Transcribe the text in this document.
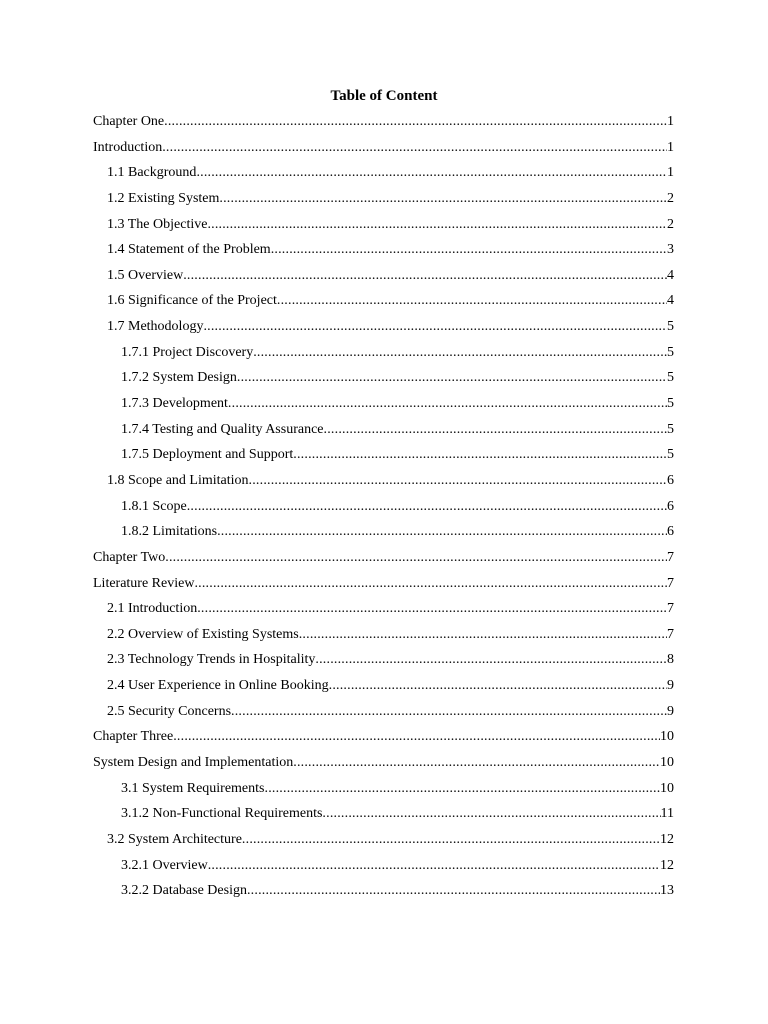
Table of Content
Chapter One .....	1
Introduction .....	1
1.1 Background .....	1
1.2 Existing System .....	2
1.3 The Objective .....	2
1.4 Statement of the Problem .....	3
1.5 Overview .....	4
1.6 Significance of the Project .....	4
1.7 Methodology .....	5
1.7.1 Project Discovery .....	5
1.7.2 System Design .....	5
1.7.3 Development .....	5
1.7.4 Testing and Quality Assurance .....	5
1.7.5 Deployment and Support .....	5
1.8 Scope and Limitation .....	6
1.8.1 Scope .....	6
1.8.2 Limitations .....	6
Chapter Two .....	7
Literature Review .....	7
2.1 Introduction .....	7
2.2 Overview of Existing Systems .....	7
2.3 Technology Trends in Hospitality .....	8
2.4 User Experience in Online Booking .....	9
2.5 Security Concerns .....	9
Chapter Three .....	10
System Design and Implementation .....	10
3.1 System Requirements .....	10
3.1.2 Non-Functional Requirements .....	11
3.2 System Architecture .....	12
3.2.1 Overview .....	12
3.2.2 Database Design .....	13
